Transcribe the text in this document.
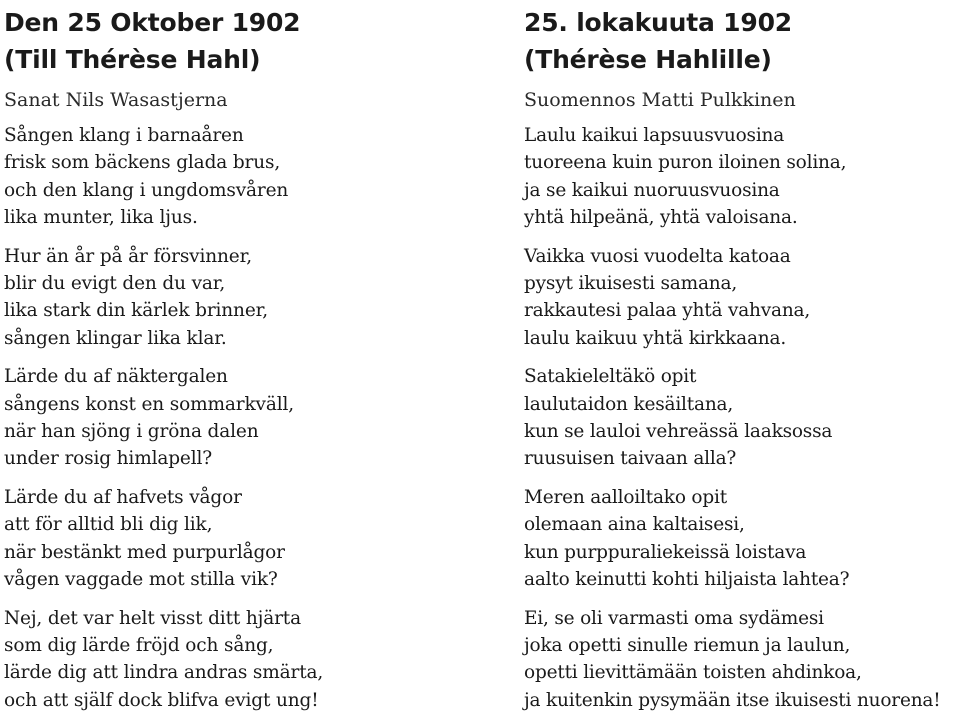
Den 25 Oktober 1902
(Till Thérèse Hahl)
Sanat Nils Wasastjerna
Sången klang i barnaåren
frisk som bäckens glada brus,
och den klang i ungdomsvåren
lika munter, lika ljus.
Hur än år på år försvinner,
blir du evigt den du var,
lika stark din kärlek brinner,
sången klingar lika klar.
Lärde du af näktergalen
sångens konst en sommarkväll,
när han sjöng i gröna dalen
under rosig himlapell?
Lärde du af hafvets vågor
att för alltid bli dig lik,
när bestänkt med purpurlågor
vågen vaggade mot stilla vik?
Nej, det var helt visst ditt hjärta
som dig lärde fröjd och sång,
lärde dig att lindra andras smärta,
och att själf dock blifva evigt ung!
25. lokakuuta 1902
(Thérèse Hahlille)
Suomennos Matti Pulkkinen
Laulu kaikui lapsuusvuosina
tuoreena kuin puron iloinen solina,
ja se kaikui nuoruusvuosina
yhtä hilpeänä, yhtä valoisana.
Vaikka vuosi vuodelta katoaa
pysyt ikuisesti samana,
rakkautesi palaa yhtä vahvana,
laulu kaikuu yhtä kirkkaana.
Satakieleltäkö opit
laulutaidon kesäiltana,
kun se lauloi vehreässä laaksossa
ruusuisen taivaan alla?
Meren aalloiltako opit
olemaan aina kaltaisesi,
kun purppuraliekeissä loistava
aalto keinutti kohti hiljaista lahtea?
Ei, se oli varmasti oma sydämesi
joka opetti sinulle riemun ja laulun,
opetti lievittämään toisten ahdinkoa,
ja kuitenkin pysymään itse ikuisesti nuorena!
